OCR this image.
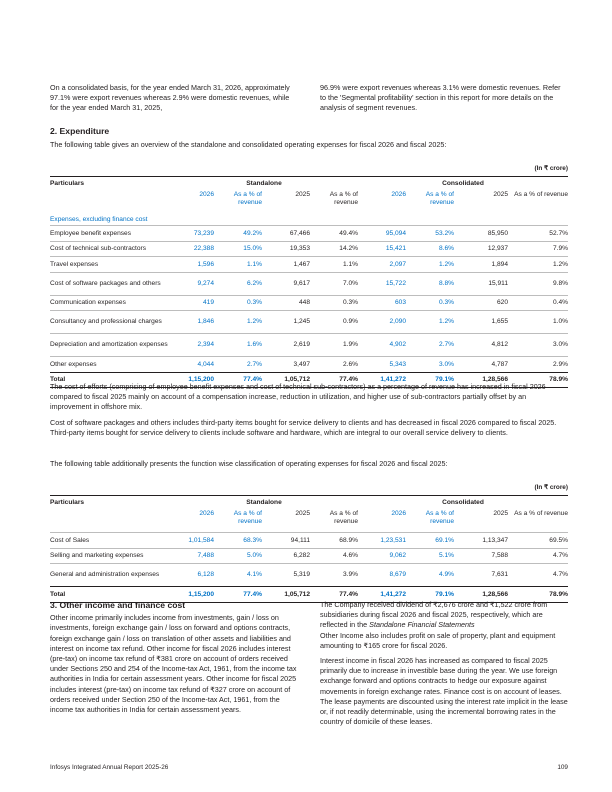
On a consolidated basis, for the year ended March 31, 2026, approximately 97.1% were export revenues whereas 2.9% were domestic revenues, while for the year ended March 31, 2025,

96.9% were export revenues whereas 3.1% were domestic revenues. Refer to the 'Segmental profitability' section in this report for more details on the analysis of segment revenues.

2. Expenditure

The following table gives an overview of the standalone and consolidated operating expenses for fiscal 2026 and fiscal 2025:

(In ₹ crore)
Particulars	Standalone				Consolidated			
	2026	As a % of revenue	2025	As a % of revenue	2026	As a % of revenue	2025	As a % of revenue
Expenses, excluding finance cost								
Employee benefit expenses	73,239	49.2%	67,466	49.4%	95,094	53.2%	85,950	52.7%
Cost of technical sub-contractors	22,388	15.0%	19,353	14.2%	15,421	8.6%	12,937	7.9%
Travel expenses	1,596	1.1%	1,467	1.1%	2,097	1.2%	1,894	1.2%
Cost of software packages and others	9,274	6.2%	9,617	7.0%	15,722	8.8%	15,911	9.8%
Communication expenses	419	0.3%	448	0.3%	603	0.3%	620	0.4%
Consultancy and professional charges	1,846	1.2%	1,245	0.9%	2,090	1.2%	1,655	1.0%
Depreciation and amortization expenses	2,394	1.6%	2,619	1.9%	4,902	2.7%	4,812	3.0%
Other expenses	4,044	2.7%	3,497	2.6%	5,343	3.0%	4,787	2.9%
Total	1,15,200	77.4%	1,05,712	77.4%	1,41,272	79.1%	1,28,566	78.9%

The cost of efforts (comprising of employee benefit expenses and cost of technical sub-contractors) as a percentage of revenue has increased in fiscal 2026 compared to fiscal 2025 mainly on account of a compensation increase, reduction in utilization, and higher use of sub-contractors partially offset by an improvement in offshore mix.

Cost of software packages and others includes third-party items bought for service delivery to clients and has decreased in fiscal 2026 compared to fiscal 2025. Third-party items bought for service delivery to clients include software and hardware, which are integral to our overall service delivery to clients.

The following table additionally presents the function wise classification of operating expenses for fiscal 2026 and fiscal 2025:

(In ₹ crore)
Particulars	Standalone				Consolidated			
	2026	As a % of revenue	2025	As a % of revenue	2026	As a % of revenue	2025	As a % of revenue
Cost of Sales	1,01,584	68.3%	94,111	68.9%	1,23,531	69.1%	1,13,347	69.5%
Selling and marketing expenses	7,488	5.0%	6,282	4.6%	9,062	5.1%	7,588	4.7%
General and administration expenses	6,128	4.1%	5,319	3.9%	8,679	4.9%	7,631	4.7%
Total	1,15,200	77.4%	1,05,712	77.4%	1,41,272	79.1%	1,28,566	78.9%
3. Other income and finance cost

Other income primarily includes income from investments, gain / loss on investments, foreign exchange gain / loss on forward and options contracts, foreign exchange gain / loss on translation of other assets and liabilities and interest on income tax refund. Other income for fiscal 2026 includes interest (pre-tax) on income tax refund of ₹381 crore on account of orders received under Sections 250 and 254 of the Income-tax Act, 1961, from the income tax authorities in India for certain assessment years. Other income for fiscal 2025 includes interest (pre-tax) on income tax refund of ₹327 crore on account of orders received under Section 250 of the Income-tax Act, 1961, from the income tax authorities in India for certain assessment years.

The Company received dividend of ₹2,676 crore and ₹1,522 crore from subsidiaries during fiscal 2026 and fiscal 2025, respectively, which are reflected in the Standalone Financial Statements
Other Income also includes profit on sale of property, plant and equipment amounting to ₹165 crore for fiscal 2026.

Interest income in fiscal 2026 has increased as compared to fiscal 2025 primarily due to increase in investible base during the year. We use foreign exchange forward and options contracts to hedge our exposure against movements in foreign exchange rates. Finance cost is on account of leases. The lease payments are discounted using the interest rate implicit in the lease or, if not readily determinable, using the incremental borrowing rates in the country of domicile of these leases.

Infosys Integrated Annual Report 2025-26	109
